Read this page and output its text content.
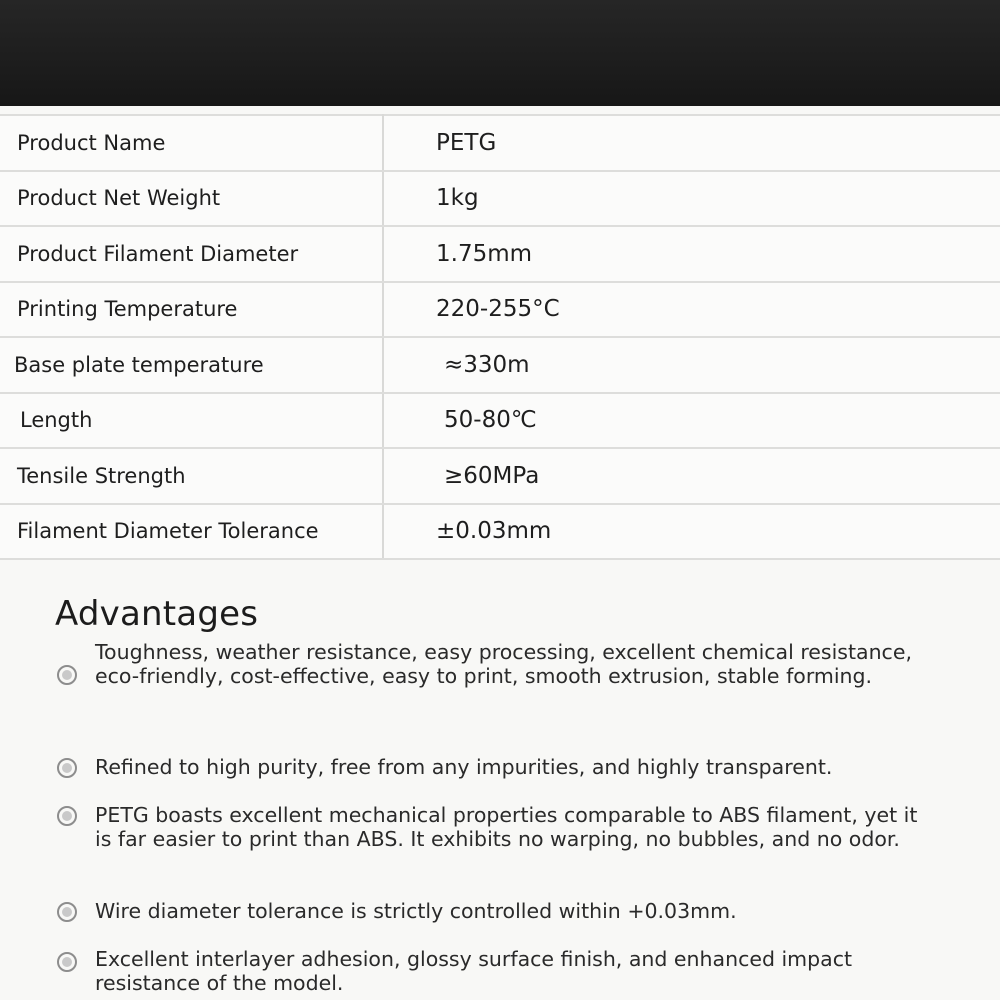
Product Name	PETG
Product Net Weight	1kg
Product Filament Diameter	1.75mm
Printing Temperature	220-255°C
Base plate temperature	≈330m
Length	50-80℃
Tensile Strength	≥60MPa
Filament Diameter Tolerance	±0.03mm
Advantages
Toughness, weather resistance, easy processing, excellent chemical resistance, eco-friendly, cost-effective, easy to print, smooth extrusion, stable forming.
Refined to high purity, free from any impurities, and highly transparent.
PETG boasts excellent mechanical properties comparable to ABS filament, yet it is far easier to print than ABS. It exhibits no warping, no bubbles, and no odor.
Wire diameter tolerance is strictly controlled within +0.03mm.
Excellent interlayer adhesion, glossy surface finish, and enhanced impact resistance of the model.
